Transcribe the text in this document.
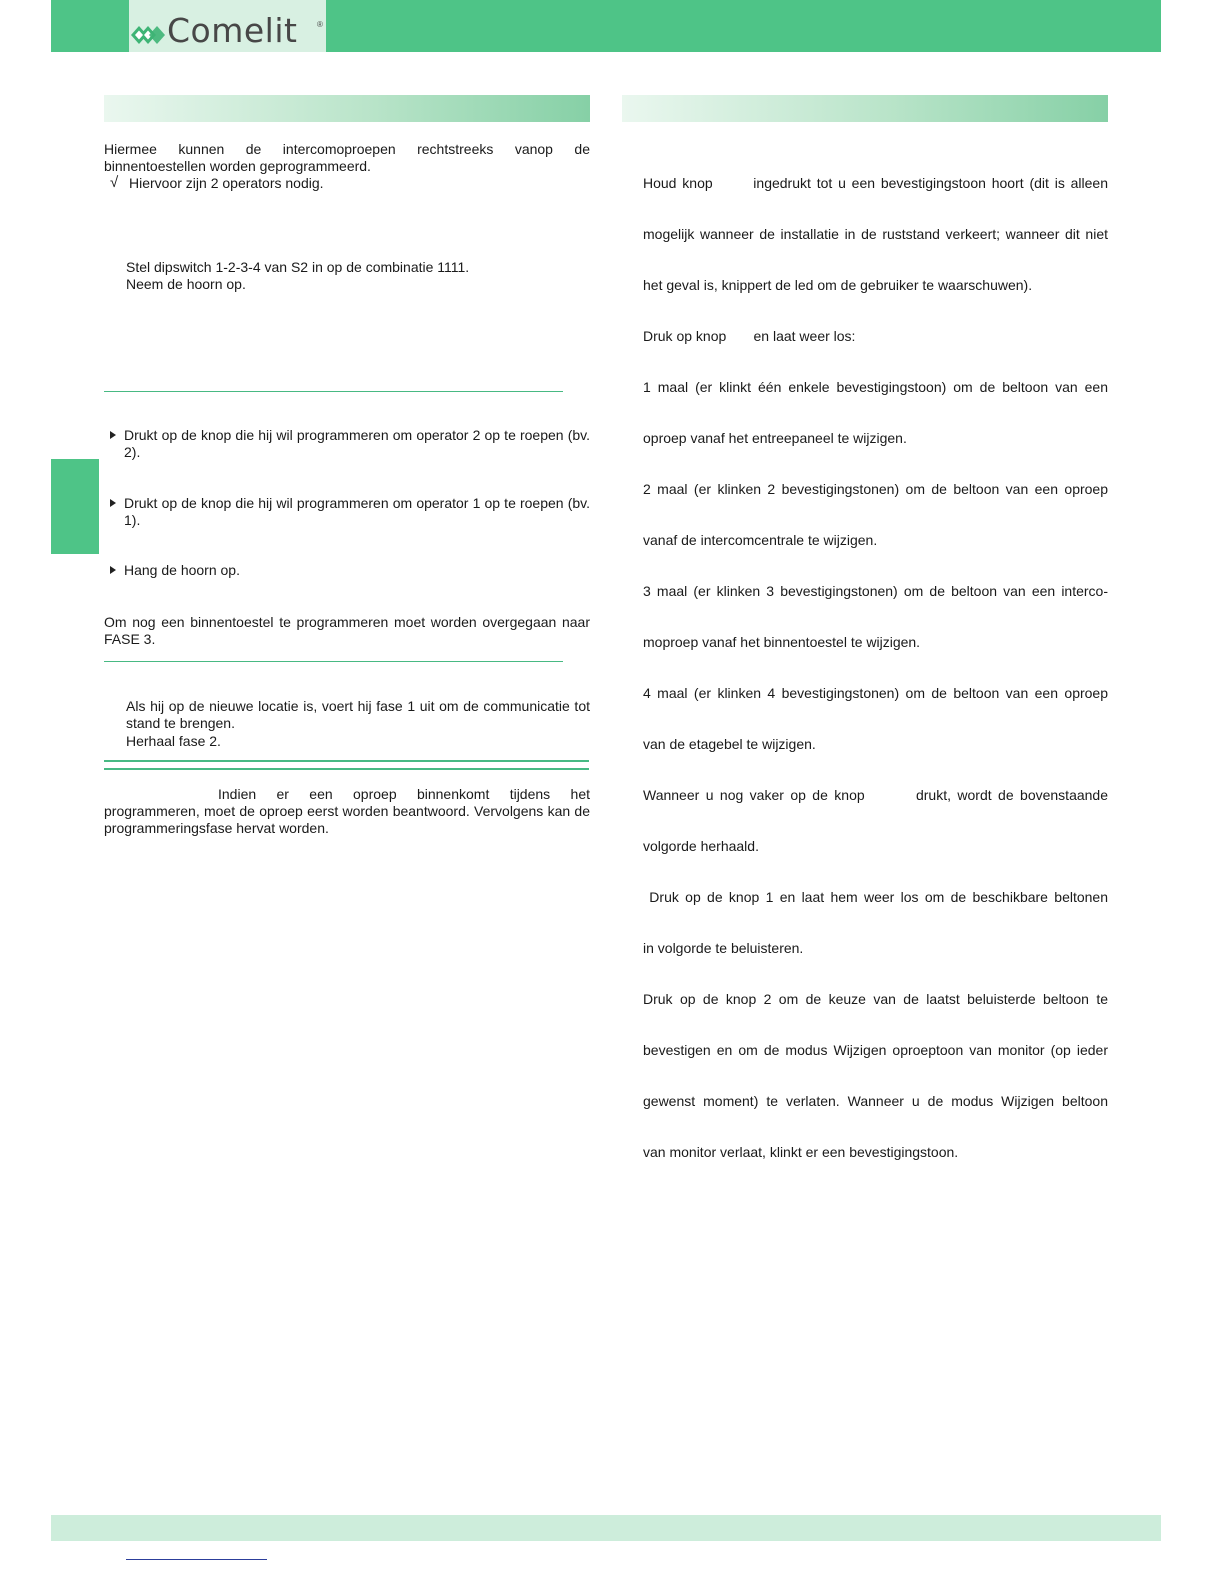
Comelit ®

Hiermee kunnen de intercomoproepen rechtstreeks vanop de binnentoestellen worden geprogrammeerd.

√ Hiervoor zijn 2 operators nodig.
Stel dipswitch 1-2-3-4 van S2 in op de combinatie 1111.
Neem de hoorn op.

Drukt op de knop die hij wil programmeren om operator 2 op te roepen (bv. 2).

Drukt op de knop die hij wil programmeren om operator 1 op te roepen (bv. 1).

Hang de hoorn op.

Om nog een binnentoestel te programmeren moet worden overgegaan naar FASE 3.

Als hij op de nieuwe locatie is, voert hij fase 1 uit om de communicatie tot stand te brengen.

Herhaal fase 2.

Indien er een oproep binnenkomt tijdens het programmeren, moet de oproep eerst worden beantwoord. Vervolgens kan de programmeringsfase hervat worden.

Houd knop       ingedrukt tot u een bevestigingstoon hoort (dit is alleen

mogelijk wanneer de installatie in de ruststand verkeert; wanneer dit niet

het geval is, knippert de led om de gebruiker te waarschuwen).

Druk op knop       en laat weer los:

1 maal (er klinkt één enkele bevestigingstoon) om de beltoon van een

oproep vanaf het entreepaneel te wijzigen.

2 maal (er klinken 2 bevestigingstonen) om de beltoon van een oproep

vanaf de intercomcentrale te wijzigen.

3 maal (er klinken 3 bevestigingstonen) om de beltoon van een interco-

moproep vanaf het binnentoestel te wijzigen.

4 maal (er klinken 4 bevestigingstonen) om de beltoon van een oproep

van de etagebel te wijzigen.

Wanneer u nog vaker op de knop        drukt, wordt de bovenstaande

volgorde herhaald.

Druk op de knop 1 en laat hem weer los om de beschikbare beltonen

in volgorde te beluisteren.

Druk op de knop 2 om de keuze van de laatst beluisterde beltoon te

bevestigen en om de modus Wijzigen oproeptoon van monitor (op ieder

gewenst moment) te verlaten. Wanneer u de modus Wijzigen beltoon

van monitor verlaat, klinkt er een bevestigingstoon.
